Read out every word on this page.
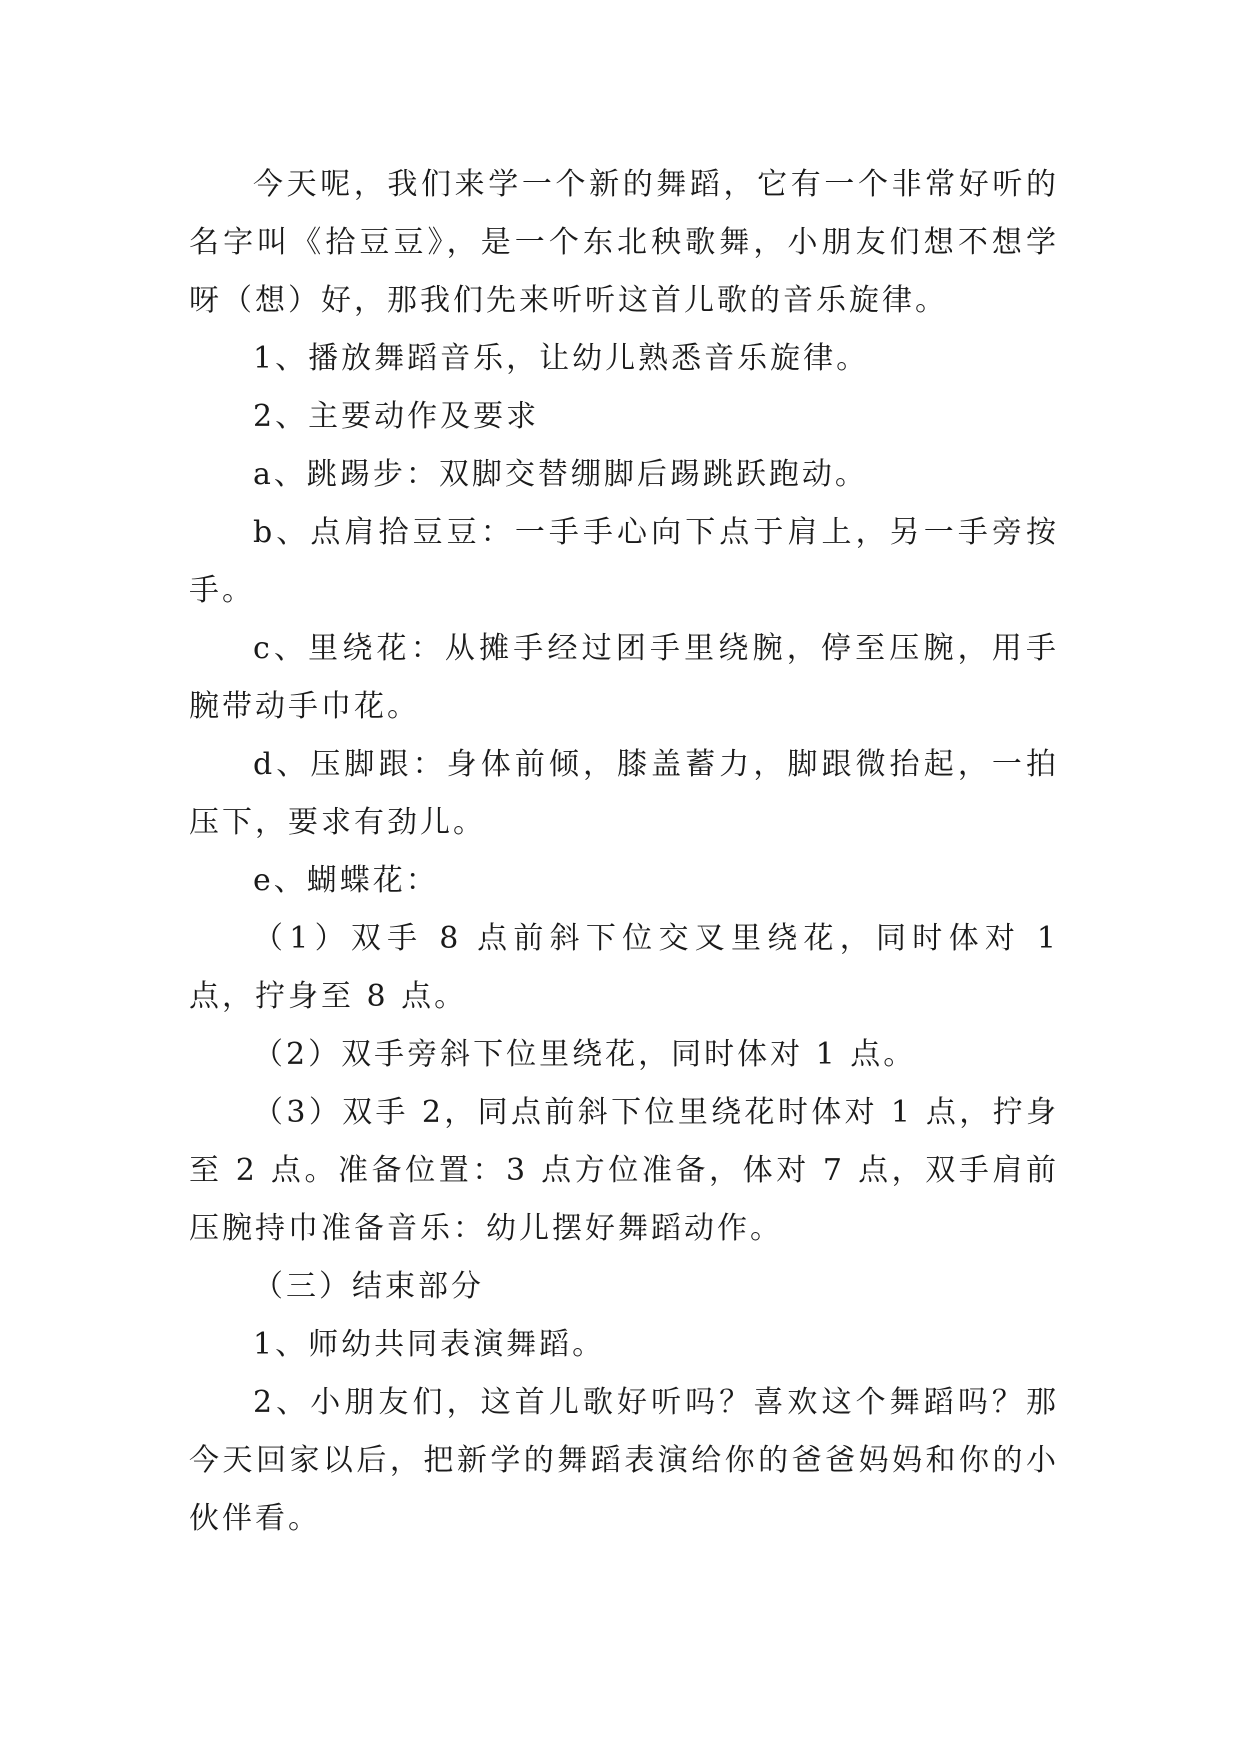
今天呢，我们来学一个新的舞蹈，它有一个非常好听的名字叫《拾豆豆》，是一个东北秧歌舞，小朋友们想不想学呀（想）好，那我们先来听听这首儿歌的音乐旋律。

1、播放舞蹈音乐，让幼儿熟悉音乐旋律。

2、主要动作及要求

a、跳踢步：双脚交替绷脚后踢跳跃跑动。

b、点肩拾豆豆：一手手心向下点于肩上，另一手旁按手。

c、里绕花：从摊手经过团手里绕腕，停至压腕，用手腕带动手巾花。

d、压脚跟：身体前倾，膝盖蓄力，脚跟微抬起，一拍压下，要求有劲儿。

e、蝴蝶花：

（1）双手 8 点前斜下位交叉里绕花，同时体对 1 点，拧身至 8 点。

（2）双手旁斜下位里绕花，同时体对 1 点。

（3）双手 2，同点前斜下位里绕花时体对 1 点，拧身至 2 点。准备位置：3 点方位准备，体对 7 点，双手肩前压腕持巾准备音乐：幼儿摆好舞蹈动作。

（三）结束部分

1、师幼共同表演舞蹈。

2、小朋友们，这首儿歌好听吗？喜欢这个舞蹈吗？那今天回家以后，把新学的舞蹈表演给你的爸爸妈妈和你的小伙伴看。
